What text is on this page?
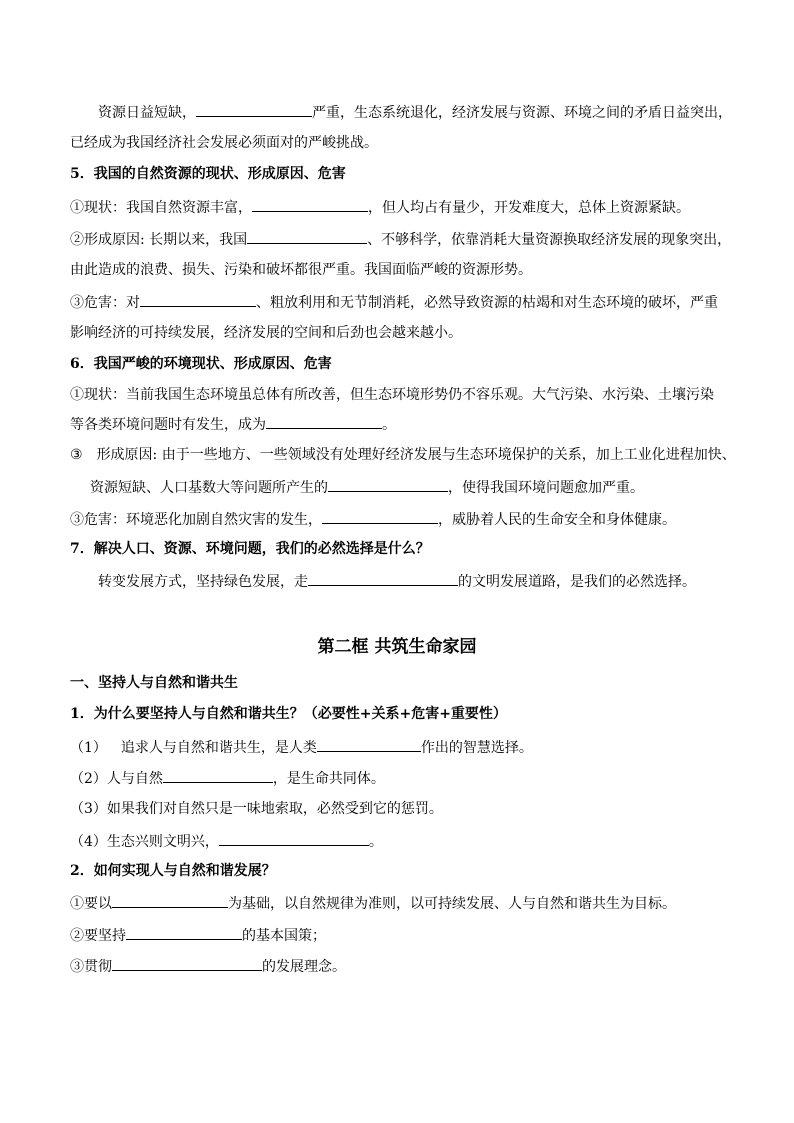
资源日益短缺，	严重，生态系统退化，经济发展与资源、环境之间的矛盾日益突出，
已经成为我国经济社会发展必须面对的严峻挑战。
5．我国的自然资源的现状、形成原因、危害
①现状：我国自然资源丰富，	，但人均占有量少，开发难度大，总体上资源紧缺。
②形成原因: 长期以来，我国	、不够科学，依靠消耗大量资源换取经济发展的现象突出，
由此造成的浪费、损失、污染和破坏都很严重。我国面临严峻的资源形势。
③危害：对	、粗放利用和无节制消耗，必然导致资源的枯竭和对生态环境的破坏，严重
影响经济的可持续发展，经济发展的空间和后劲也会越来越小。
6．我国严峻的环境现状、形成原因、危害
①现状：当前我国生态环境虽总体有所改善，但生态环境形势仍不容乐观。大气污染、水污染、土壤污染
等各类环境问题时有发生，成为	。
③ 形成原因: 由于一些地方、一些领域没有处理好经济发展与生态环境保护的关系，加上工业化进程加快、
资源短缺、人口基数大等问题所产生的	，使得我国环境问题愈加严重。
③危害：环境恶化加剧自然灾害的发生，	，威胁着人民的生命安全和身体健康。
7．解决人口、资源、环境问题，我们的必然选择是什么？
转变发展方式，坚持绿色发展，走	的文明发展道路，是我们的必然选择。
第二框 共筑生命家园
一、坚持人与自然和谐共生
1．为什么要坚持人与自然和谐共生？（必要性+关系+危害+重要性）
（1） 追求人与自然和谐共生，是人类	作出的智慧选择。
（2）人与自然	，是生命共同体。
（3）如果我们对自然只是一味地索取，必然受到它的惩罚。
（4）生态兴则文明兴，	。
2．如何实现人与自然和谐发展？
①要以	为基础，以自然规律为准则，以可持续发展、人与自然和谐共生为目标。
②要坚持	的基本国策；
③贯彻	的发展理念。
